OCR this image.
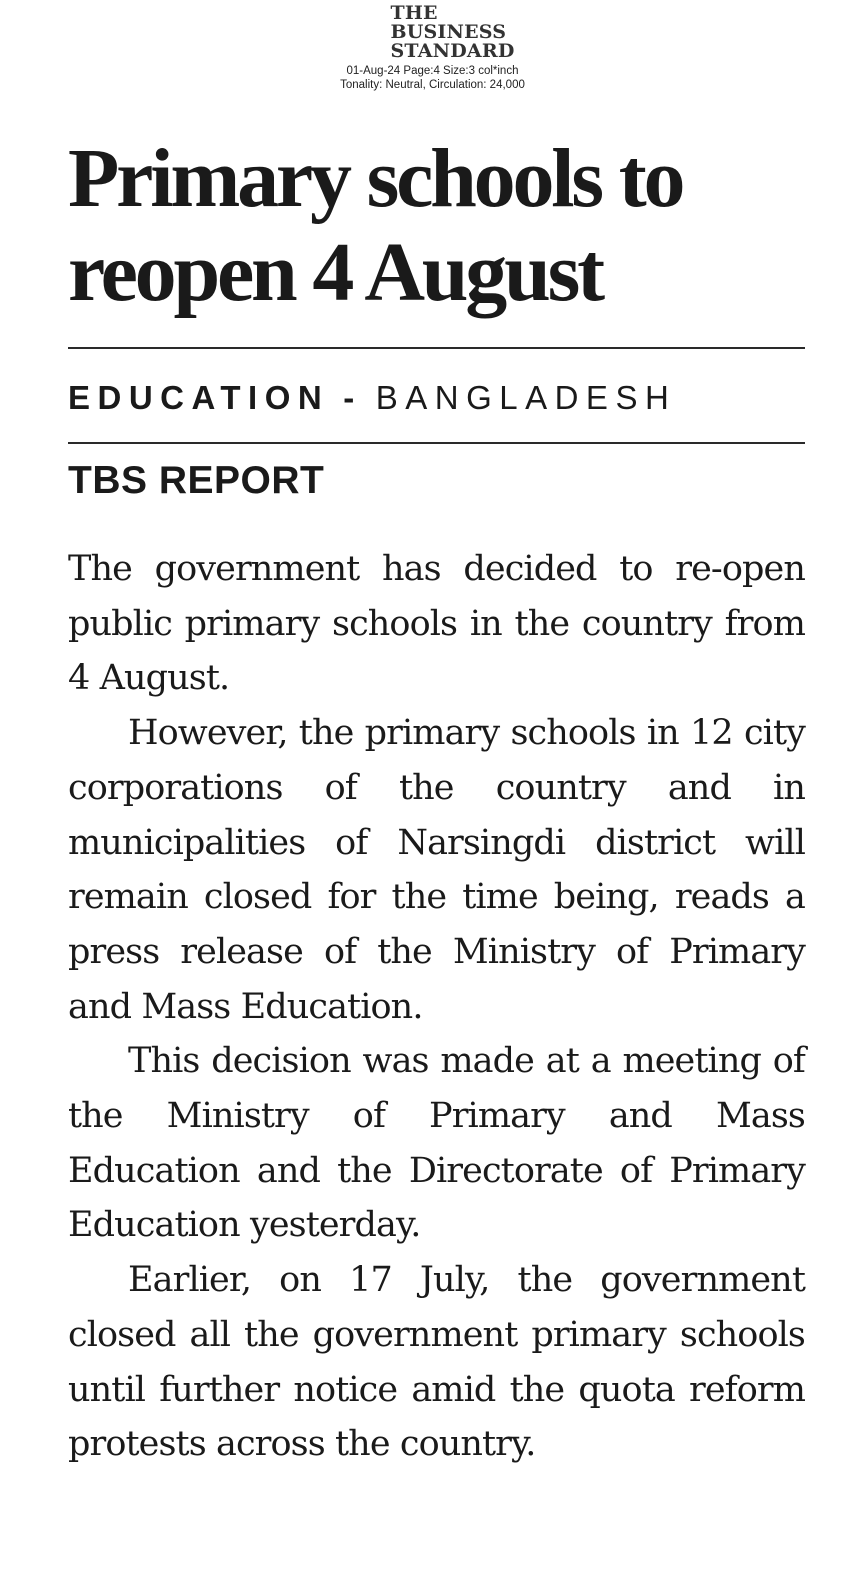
THE
BUSINESS
STANDARD
01-Aug-24 Page:4 Size:3 col*inch
Tonality: Neutral, Circulation: 24,000
Primary schools to reopen 4 August
EDUCATION - BANGLADESH
TBS REPORT

The government has decided to re-open public primary schools in the country from 4 August.

However, the primary schools in 12 city corporations of the country and in municipalities of Narsingdi district will remain closed for the time being, reads a press release of the Ministry of Primary and Mass Education.

This decision was made at a meeting of the Ministry of Primary and Mass Education and the Directorate of Primary Education yesterday.

Earlier, on 17 July, the government closed all the government primary schools until further notice amid the quota reform protests across the country.
